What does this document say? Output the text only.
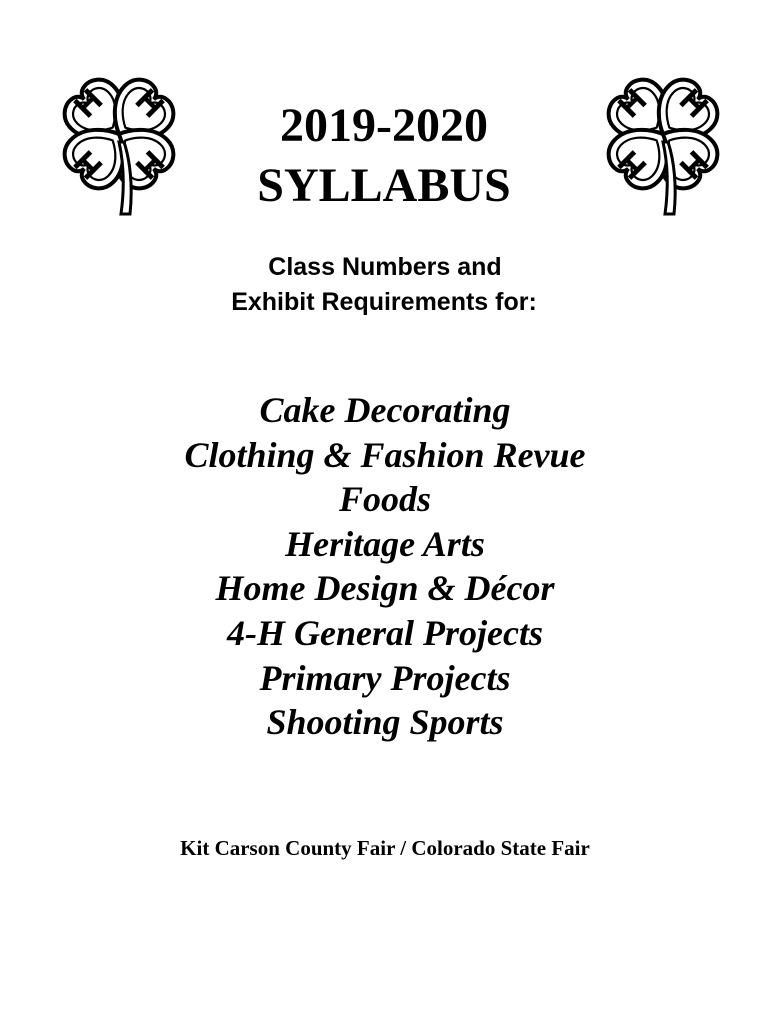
2019-2020
SYLLABUS

Class Numbers and

Exhibit Requirements for:

Cake Decorating
Clothing & Fashion Revue
Foods
Heritage Arts
Home Design & Décor
4-H General Projects
Primary Projects
Shooting Sports

Kit Carson County Fair / Colorado State Fair
